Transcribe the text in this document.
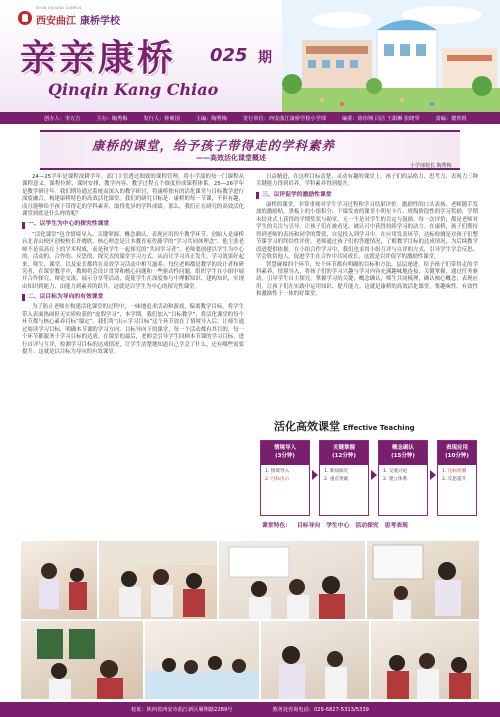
西安曲江 康桥学校
XI'AN QUJIANG CAMPUS
亲亲康桥 025 期
Qinqin Kang Chiao
创办人：李万吉	主办：陶秀梅	发行人：钟鼎国	主编：陶秀梅	发行单位：西安曲江康桥学校小学部	编委：徐伟翔 闫洁 王甜琳 张晓琴	责编：德育组
康桥的课堂，给予孩子带得走的学科素养
——高效活化课堂概述
小学部校长 陶秀梅

24—25学年是课程深耕学年。部门主管透过细致的课程管理，将小学部的每一门课程从课程意义、课程位阶、课时安排、教学内容、教学过程五个维度形成课程体系。25—26学年是教学研讨年。我们期待通过系统而深入的教学研讨，将康桥独有的活化课堂与目标教学进行深度融合，构建康桥特色的高效活化课堂。我们的研究目标是：康桥的每一节课，不但有趣，而且能够给予孩子带得走的学科素养，取得优异的学科成绩。那么，我们正在研究的高效活化课堂到底是什么样的呢？

一、以学生为中心的探究性课堂

“活化课堂”包含情境导入、关键掌握、概念确认、表现应用四个教学环节。创始人是康桥台北青山校区创校校长许晓欣。核心理念是日本教育家佐藤学的“学习共同体理念”，他主张老师不是高高在上的学术权威，而是和学生一起探究的“共同学习者”，老师要创建以学生为中心的、活动的、合作的、反思的、探究式的课堂学习方式，从而让学习真正发生。学习效果好起来，师生、课堂、以及家长都将在高效学习活动中相互滋养。每位老师都是教学的设计者和研究者，在课堂教学中，教师将会设计贯穿和核心问题和一些驱动性问题，组织学生在小组中展开合作探究、辩论交流、展示分享等活动，促使学生在深度参与中理解知识、建构知识，实现由知识到能力、由能力到素养的跃升，这就是以学生为中心的探究性课堂。

二、以目标为导向的有效课堂

为了防止老师在构建活化课堂的过程中，一味地追求活动和游戏，偏离教学目标，将学生带入表面热闹但无实质收获的“虚假学习”，本学期，我们加入“目标教学”，将活化课堂的每个环节都与核心素养目标“锚定”。我们将“出示学习目标”这个环节放在了情境导入后，让师生通过阅读学习目标，明确本节课的学习方向。目标导向下的课堂，每一个活动都有其目的，每一个环节都服务于学习目标的达成。在课堂的最后，老师会引导学生回顾本节课的学习目标，进行自评与互评，检测学习目标的达成情况，让学生清楚地知道自己学会了什么，还有哪些需要提升。这就是以目标为导向的有效课堂。

日益精进，在这样目标清楚、灵动有趣的课堂上，孩子们的品格力、思考力、表现力三种关键能力得到培养，学科素养得到提升。

三、以评促学的激励性课堂

康桥的课堂，非常重视对学生学习过程和学习结果评价。激励性的口头表扬、老师随手发放的激励贴、黑板上的小组积分、下课发放的课堂小明星卡片、班级阶段性的学习奖励、学期末结业式上获得的学期奖状与勋章，无一不是对学生的肯定与鼓励。每一次评价，都是老师对学生的关注与引导，让孩子们在被看见、被认可中获得持续学习的动力。在康桥，孩子们期待得到老师的表扬和同学的赞赏，自觉投入到学习中。在应用发表环节，达标检测是对孩子们整节课学习的终结性评价，老师通过孩子们的答题情况，了解教学目标的达成情况，为后续教学改进提供依据。在小组合作学习中，我们也采用小组互评与自评的方式，引导学生学会反思、学会欣赏他人，促进学生在合作中共同成长，这就是以评促学的激励性课堂。

智慧碰撞四个环节，每个环节都有明确的目标和方法，层层递进，给予孩子们带得走的学科素养。情境导入，将孩子们的学习兴趣与学习内容充满趣味地连接；关键掌握，通过任务驱动，引导学生自主探究，掌握学习的关键；概念确认，师生共同梳理，确认核心概念；表现应用，让孩子们在实践中运用知识、提升能力。这就是康桥的高效活化课堂，集趣味性、有效性和激励性于一体的好课堂。

活化高效课堂 Effective Teaching
情境导入
(3分钟)
1. 情境导入
2. 目标出示
关键掌握
(12分钟)
1. 新知探究
2. 重点突破
概念确认
(15分钟)
1. 交流讨论
2. 建立体系
表现应用
(10分钟)
1. 达标检测
2. 反思提升
课堂特色： 目标导向 学生中心 活动探究 思考表现
校址：陕西省西安市曲江新区雁翔路2289号	教务处咨询电话：029-6827-5313/5339
